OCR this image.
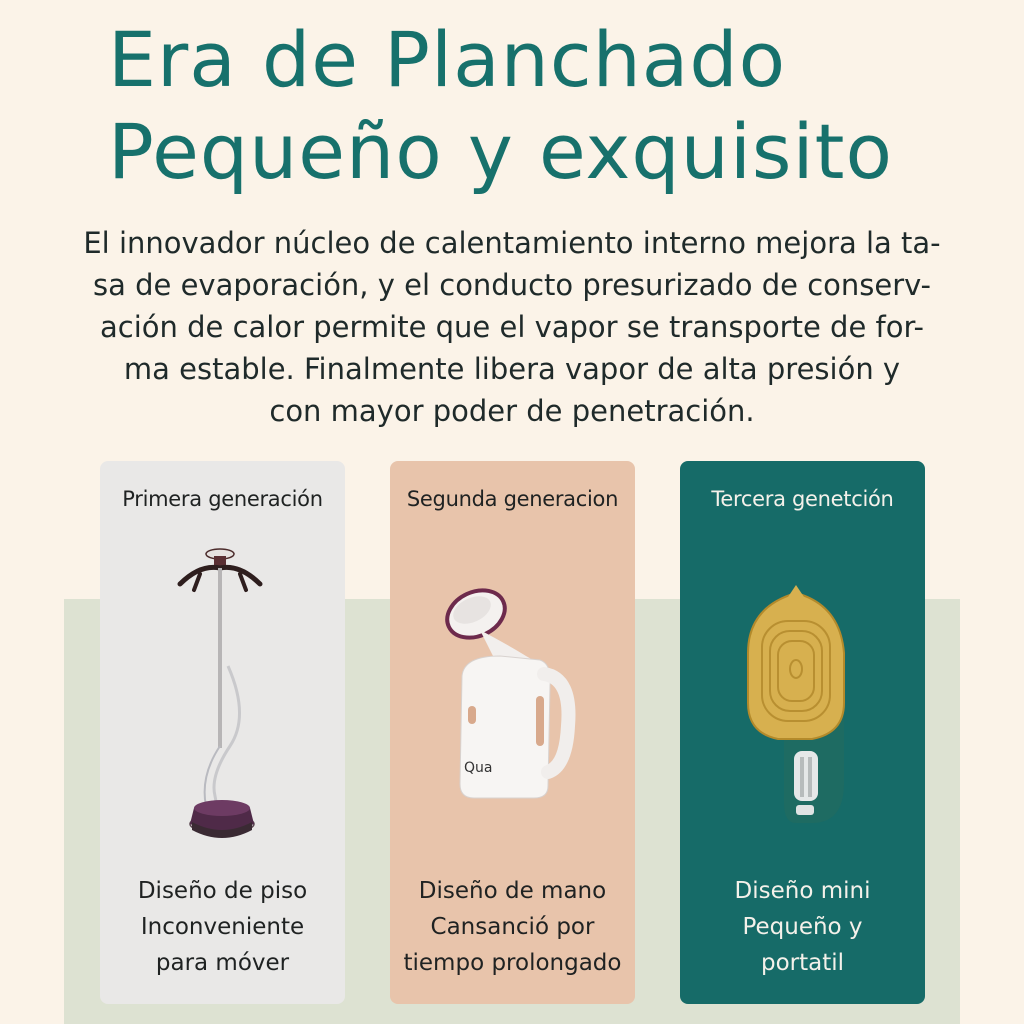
Era de Planchado
Pequeño y exquisito
El innovador núcleo de calentamiento interno mejora la ta-
sa de evaporación, y el conducto presurizado de conserv-
ación de calor permite que el vapor se transporte de for-
ma estable. Finalmente libera vapor de alta presión y
con mayor poder de penetración.
Primera generación
Diseño de piso
Inconveniente
para móver
Segunda generacion
Qua
Diseño de mano
Cansanció por
tiempo prolongado
Tercera genetción
Diseño mini
Pequeño y
portatil
